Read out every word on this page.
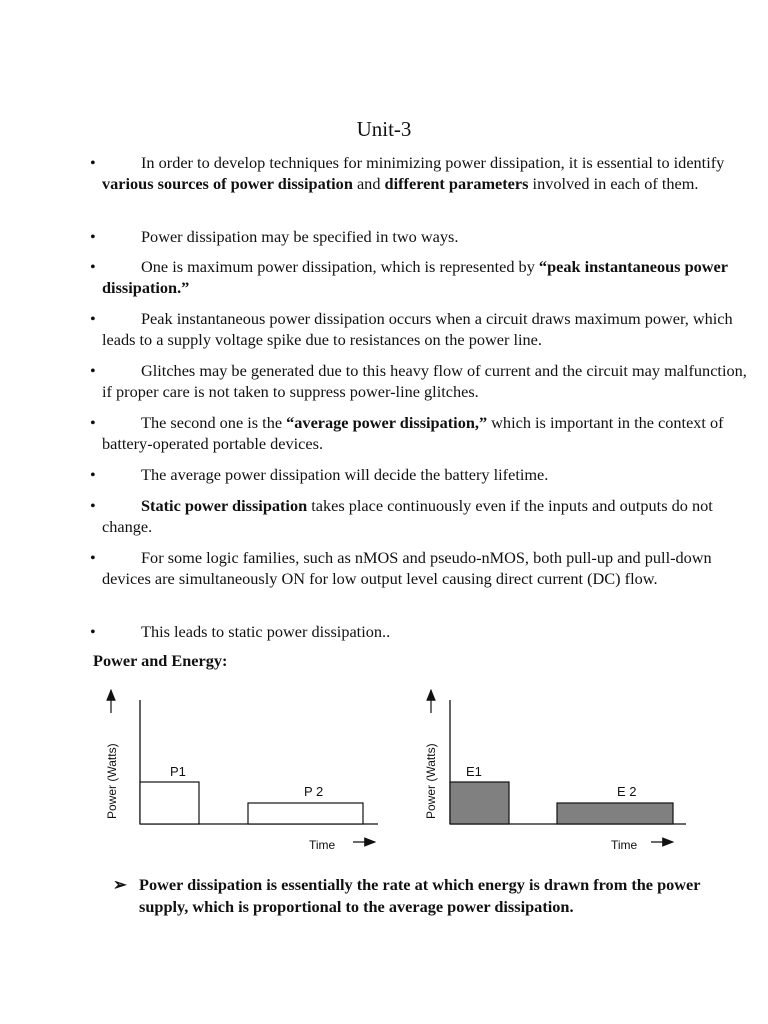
Unit-3
•	In order to develop techniques for minimizing power dissipation, it is essential to identify various sources of power dissipation and different parameters involved in each of them.

•	Power dissipation may be specified in two ways.

•	One is maximum power dissipation, which is represented by “peak instantaneous power dissipation.”

•	Peak instantaneous power dissipation occurs when a circuit draws maximum power, which leads to a supply voltage spike due to resistances on the power line.

•	Glitches may be generated due to this heavy flow of current and the circuit may malfunction, if proper care is not taken to suppress power-line glitches.

•	The second one is the “average power dissipation,” which is important in the context of battery-operated portable devices.

•	The average power dissipation will decide the battery lifetime.

•	Static power dissipation takes place continuously even if the inputs and outputs do not change.

•	For some logic families, such as nMOS and pseudo-nMOS, both pull-up and pull-down devices are simultaneously ON for low output level causing direct current (DC) flow.

•	This leads to static power dissipation..

Power and Energy:
Power (Watts)	P1
P 2
Time
Power (Watts) E1
E 2
Time
➢ Power dissipation is essentially the rate at which energy is drawn from the power supply, which is proportional to the average power dissipation.
